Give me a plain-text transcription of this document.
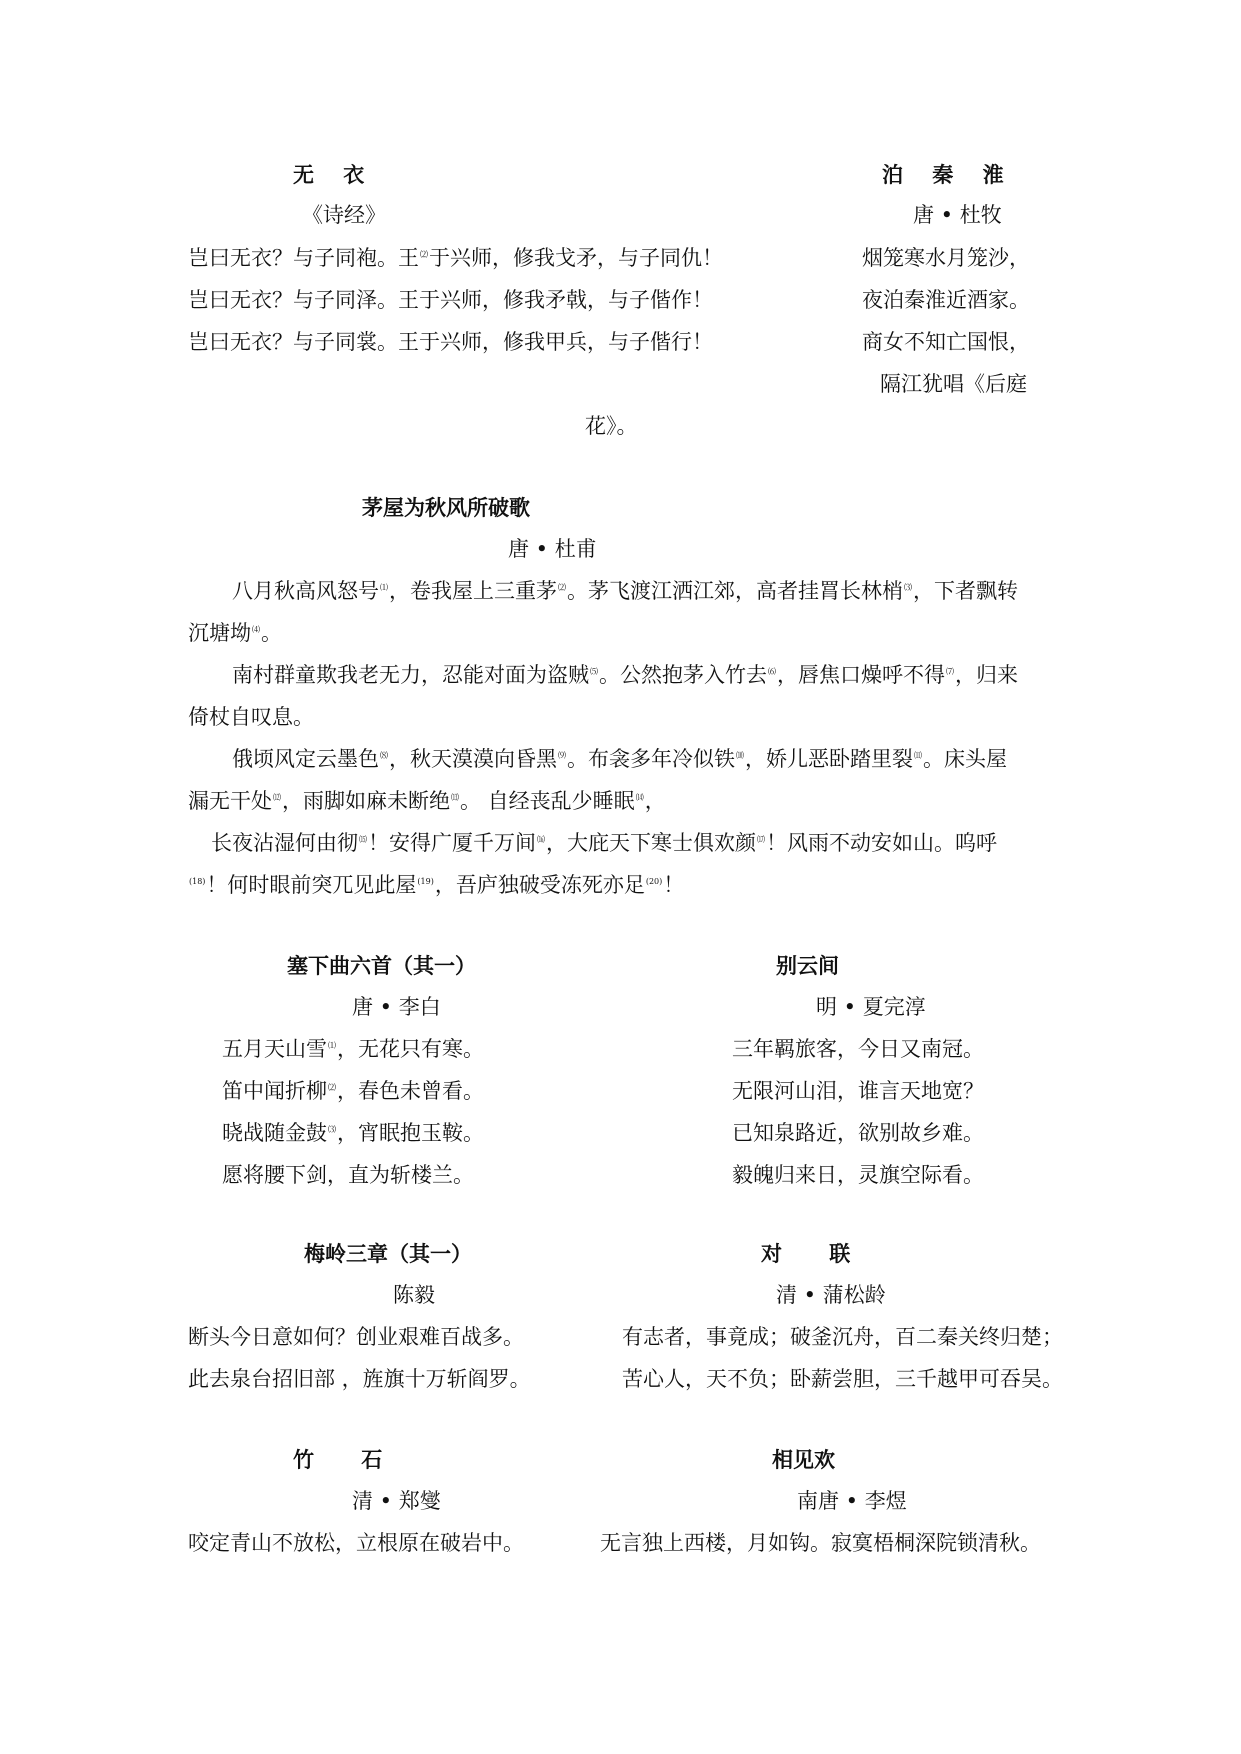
无 衣
《诗经》
岂曰无衣？与子同袍。王⑵于兴师，修我戈矛，与子同仇！
岂曰无衣？与子同泽。王于兴师，修我矛戟，与子偕作！
岂曰无衣？与子同裳。王于兴师，修我甲兵，与子偕行！
泊 秦 淮
唐 • 杜牧
烟笼寒水月笼沙，
夜泊秦淮近酒家。
商女不知亡国恨，
隔江犹唱《后庭
花》。
茅屋为秋风所破歌
唐 • 杜甫
八月秋高风怒号⑴，卷我屋上三重茅⑵。茅飞渡江洒江郊，高者挂罥长林梢⑶，下者飘转
沉塘坳⑷。
南村群童欺我老无力，忍能对面为盗贼⑸。公然抱茅入竹去⑹，唇焦口燥呼不得⑺，归来
倚杖自叹息。
俄顷风定云墨色⑻，秋天漠漠向昏黑⑼。布衾多年冷似铁⑽，娇儿恶卧踏里裂⑾。床头屋
漏无干处⑿，雨脚如麻未断绝⒀。 自经丧乱少睡眠⒁，
长夜沾湿何由彻⒂！安得广厦千万间⒃，大庇天下寒士俱欢颜⒄！风雨不动安如山。呜呼
$^{(18)}$！何时眼前突兀见此屋$^{(19)}$，吾庐独破受冻死亦足$^{(20)}$！
塞下曲六首（其一）
唐 • 李白
五月天山雪⑴，无花只有寒。
笛中闻折柳⑵，春色未曾看。
晓战随金鼓⑶，宵眠抱玉鞍。
愿将腰下剑，直为斩楼兰。
别云间
明 • 夏完淳
三年羁旅客，今日又南冠。
无限河山泪，谁言天地宽？
已知泉路近，欲别故乡难。
毅魄归来日，灵旗空际看。
梅岭三章（其一）
陈毅
断头今日意如何？创业艰难百战多。
此去泉台招旧部 ，旌旗十万斩阎罗。
对 联
清 • 蒲松龄
有志者，事竟成；破釜沉舟，百二秦关终归楚；
苦心人，天不负；卧薪尝胆，三千越甲可吞吴。
竹 石
清 • 郑燮
咬定青山不放松，立根原在破岩中。
相见欢
南唐 • 李煜
无言独上西楼，月如钩。寂寞梧桐深院锁清秋。
